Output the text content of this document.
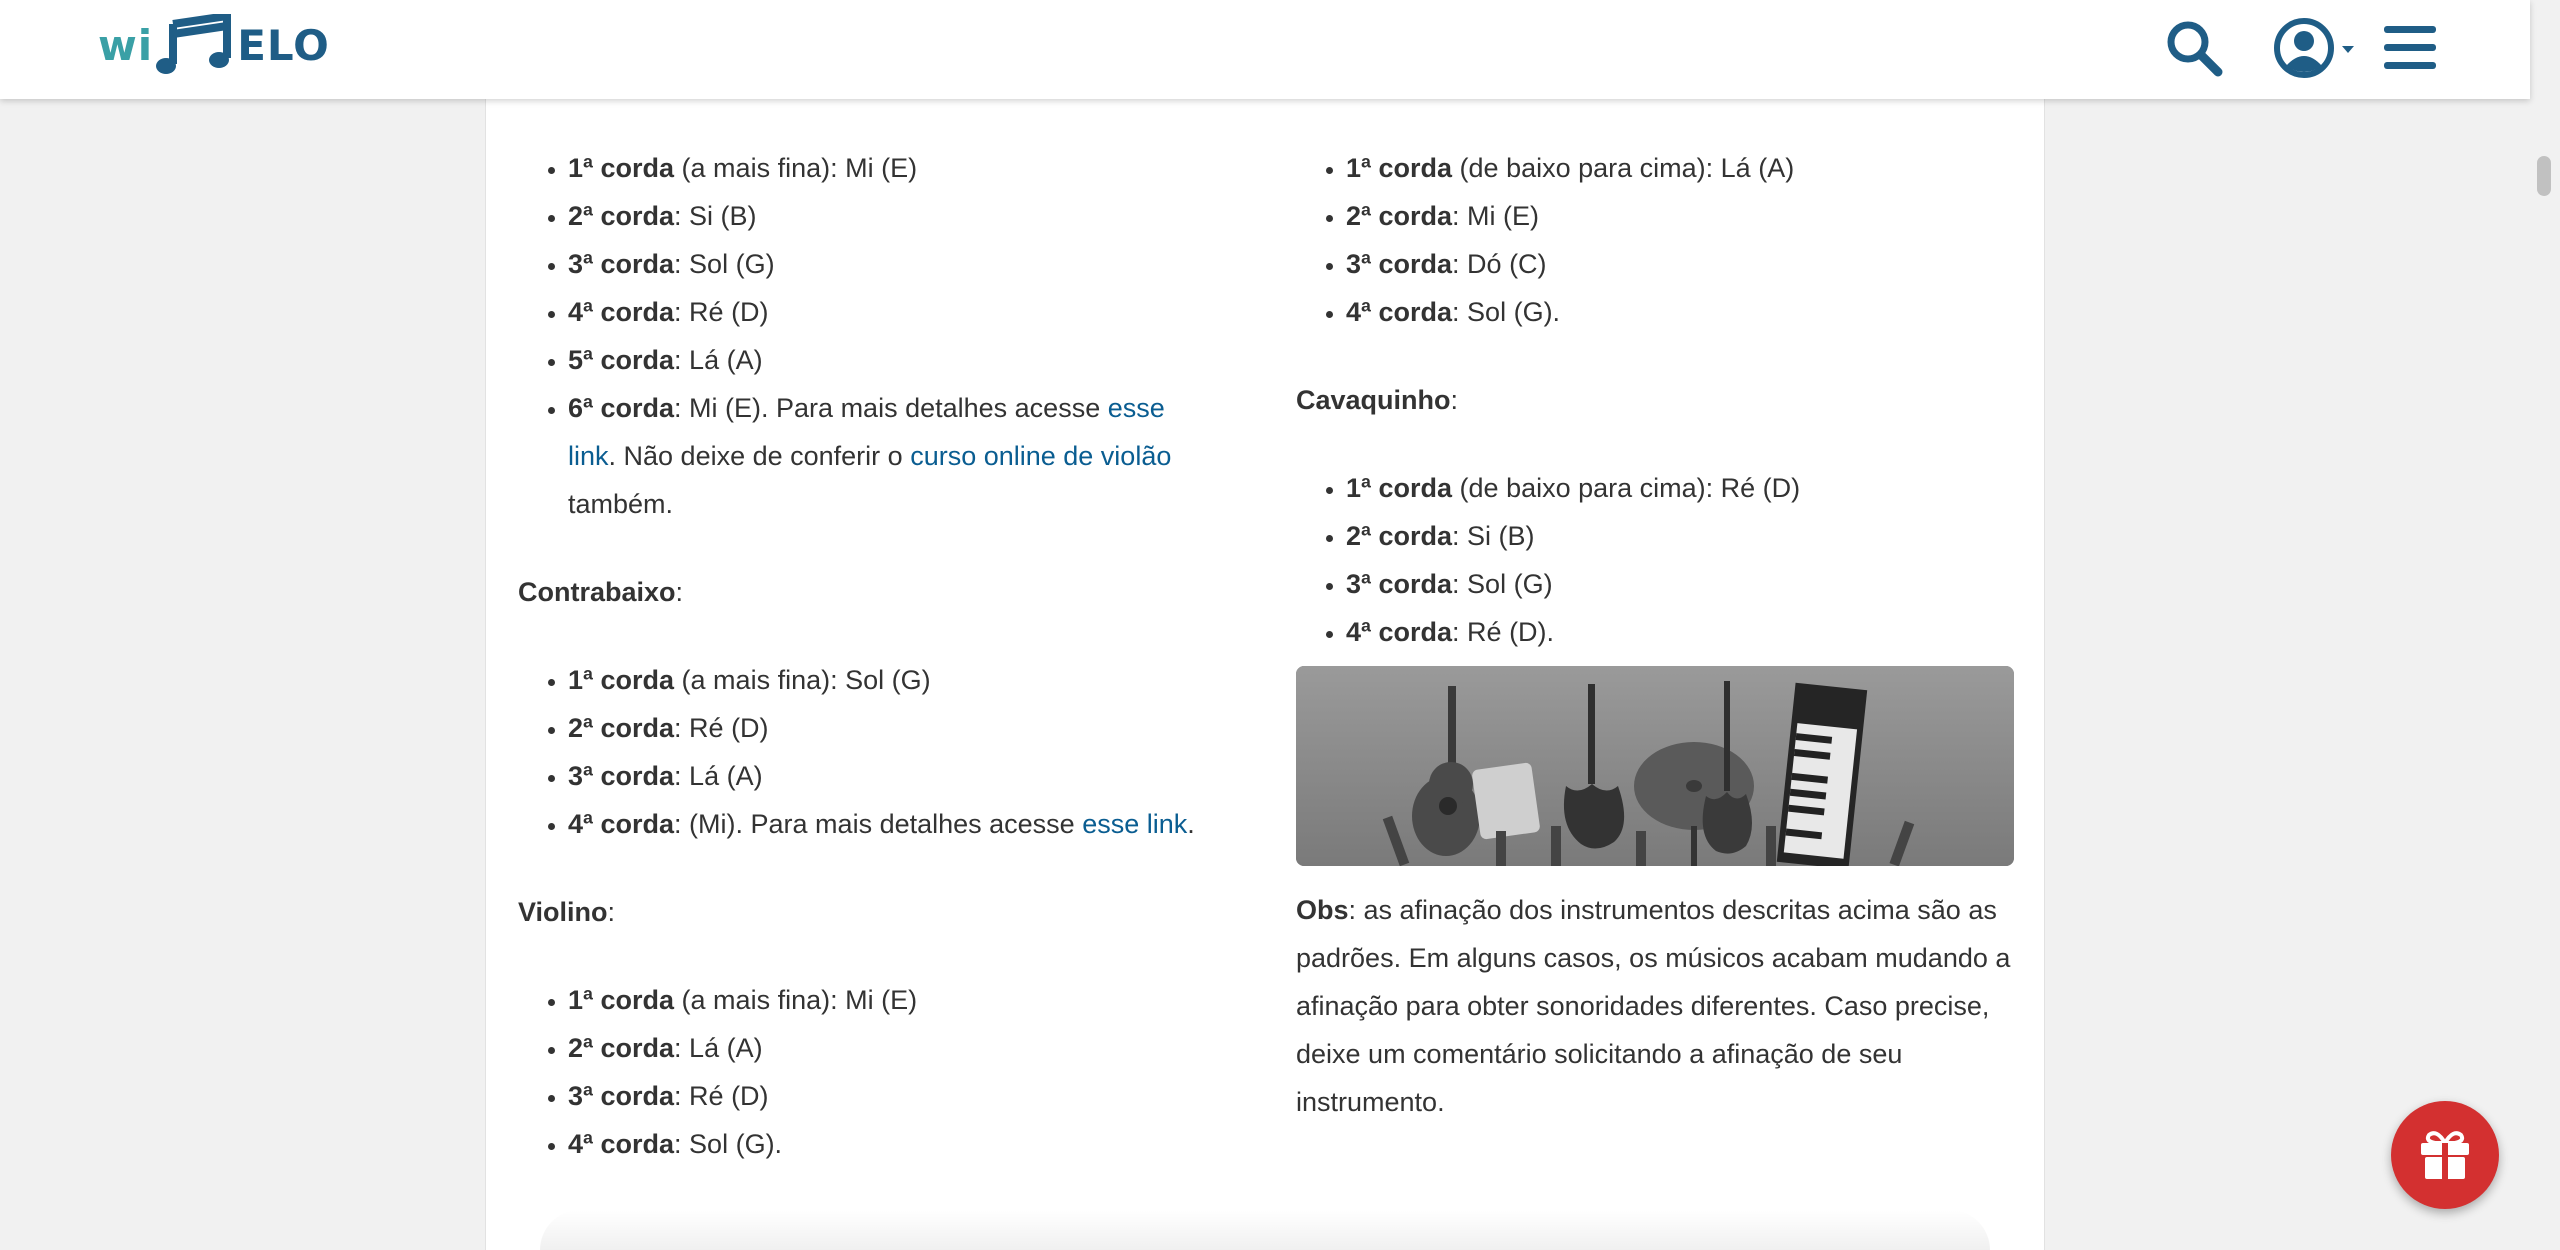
wi ELO
• 1ª corda (a mais fina): Mi (E)
• 2ª corda: Si (B)
• 3ª corda: Sol (G)
• 4ª corda: Ré (D)
• 5ª corda: Lá (A)
• 6ª corda: Mi (E). Para mais detalhes acesse esse link. Não deixe de conferir o curso online de violão também.

Contrabaixo:

• 1ª corda (a mais fina): Sol (G)
• 2ª corda: Ré (D)
• 3ª corda: Lá (A)
• 4ª corda: (Mi). Para mais detalhes acesse esse link.

Violino:

• 1ª corda (a mais fina): Mi (E)
• 2ª corda: Lá (A)
• 3ª corda: Ré (D)
• 4ª corda: Sol (G).
• 1ª corda (de baixo para cima): Lá (A)
• 2ª corda: Mi (E)
• 3ª corda: Dó (C)
• 4ª corda: Sol (G).

Cavaquinho:

• 1ª corda (de baixo para cima): Ré (D)
• 2ª corda: Si (B)
• 3ª corda: Sol (G)
• 4ª corda: Ré (D).

Obs: as afinação dos instrumentos descritas acima são as padrões. Em alguns casos, os músicos acabam mudando a afinação para obter sonoridades diferentes. Caso precise, deixe um comentário solicitando a afinação de seu instrumento.
